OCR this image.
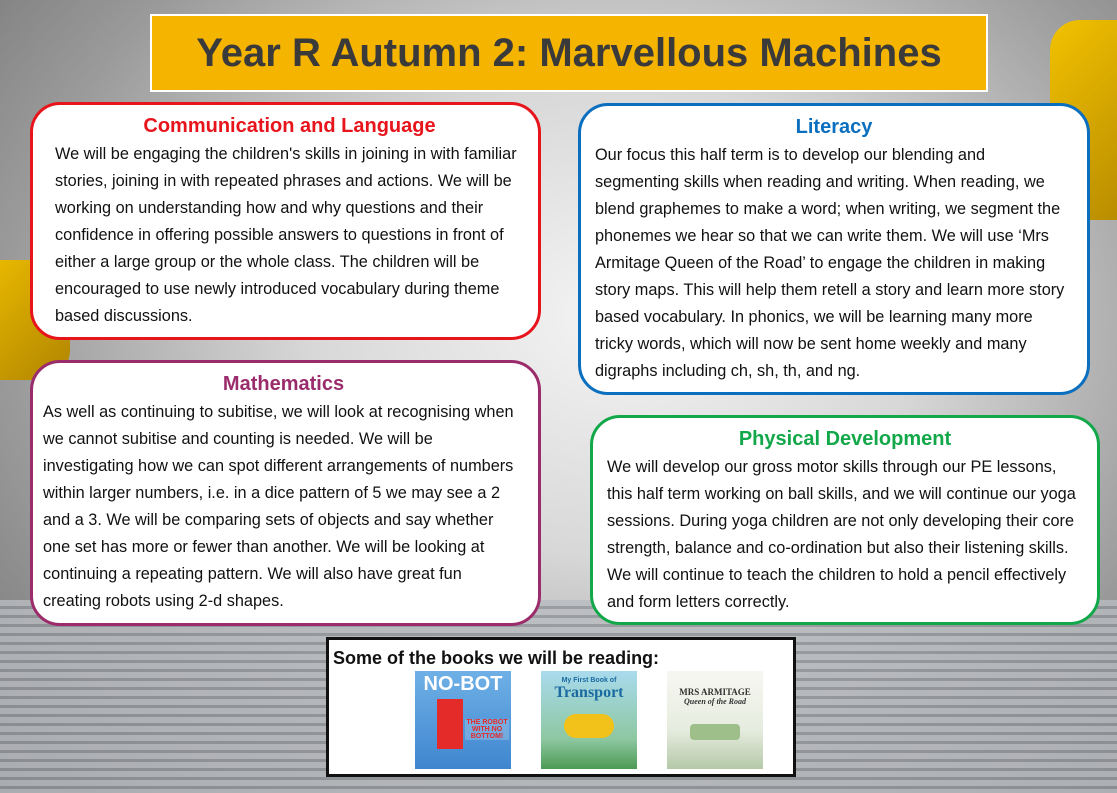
Year R Autumn 2: Marvellous Machines
Communication and Language

We will be engaging the children's skills in joining in with familiar stories, joining in with repeated phrases and actions. We will be working on understanding how and why questions and their confidence in offering possible answers to questions in front of either a large group or the whole class. The children will be encouraged to use newly introduced vocabulary during theme based discussions.

Literacy

Our focus this half term is to develop our blending and segmenting skills when reading and writing. When reading, we blend graphemes to make a word; when writing, we segment the phonemes we hear so that we can write them. We will use ‘Mrs Armitage Queen of the Road’ to engage the children in making story maps. This will help them retell a story and learn more story based vocabulary. In phonics, we will be learning many more tricky words, which will now be sent home weekly and many digraphs including ch, sh, th, and ng.

Mathematics

As well as continuing to subitise, we will look at recognising when we cannot subitise and counting is needed. We will be investigating how we can spot different arrangements of numbers within larger numbers, i.e. in a dice pattern of 5 we may see a 2 and a 3. We will be comparing sets of objects and say whether one set has more or fewer than another. We will be looking at continuing a repeating pattern. We will also have great fun creating robots using 2-d shapes.

Physical Development

We will develop our gross motor skills through our PE lessons, this half term working on ball skills, and we will continue our yoga sessions. During yoga children are not only developing their core strength, balance and co-ordination but also their listening skills. We will continue to teach the children to hold a pencil effectively and form letters correctly.

Some of the books we will be reading:
NO-BOT
THE ROBOT WITH NO BOTTOM!
My First Book of
Transport	MRS ARMITAGE
Queen of the Road
